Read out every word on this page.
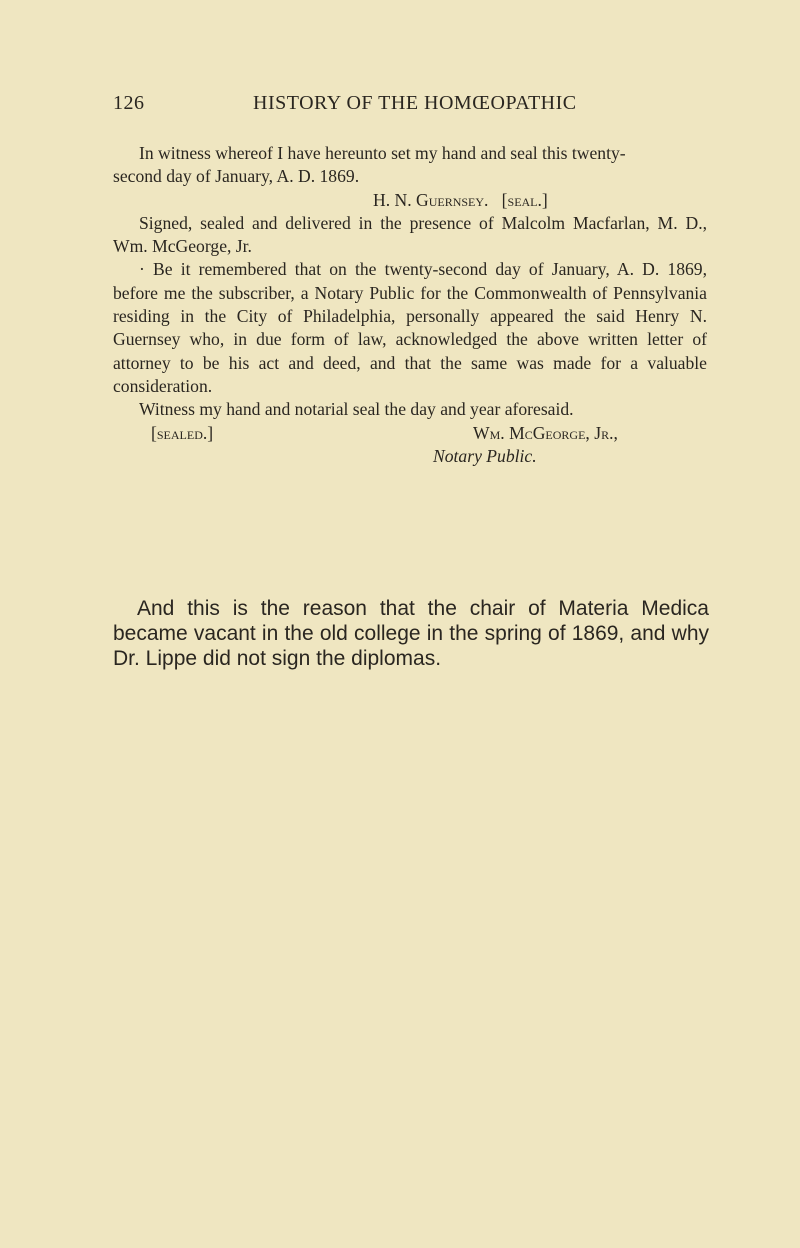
126	HISTORY OF THE HOMŒOPATHIC

In witness whereof I have hereunto set my hand and seal this twenty-

second day of January, A. D. 1869.

H. N. Guernsey. [seal.]

Signed, sealed and delivered in the presence of Malcolm Macfarlan, M. D., Wm. McGeorge, Jr.

· Be it remembered that on the twenty-second day of January, A. D. 1869, before me the subscriber, a Notary Public for the Commonwealth of Pennsylvania residing in the City of Philadelphia, personally appeared the said Henry N. Guernsey who, in due form of law, acknowledged the above written letter of attorney to be his act and deed, and that the same was made for a valuable consideration.

Witness my hand and notarial seal the day and year aforesaid.

[sealed.]	Wm. McGeorge, Jr.,

Notary Public.

And this is the reason that the chair of Materia Medica became vacant in the old college in the spring of 1869, and why Dr. Lippe did not sign the diplomas.
